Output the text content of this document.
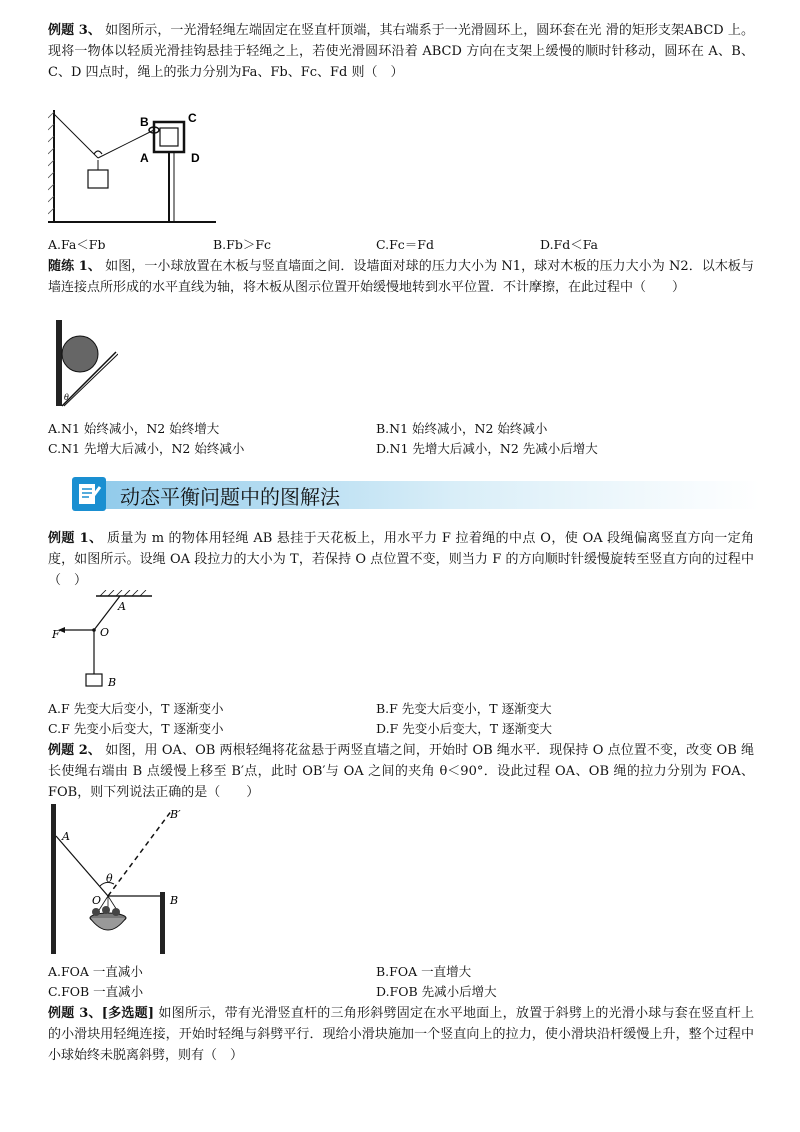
例题 3、 如图所示，一光滑轻绳左端固定在竖直杆顶端，其右端系于一光滑圆环上，圆环套在光 滑的矩形支架ABCD 上。现将一物体以轻质光滑挂钩悬挂于轻绳之上，若使光滑圆环沿着 ABCD 方向在支架上缓慢的顺时针移动，圆环在 A、B、C、D 四点时，绳上的张力分别为Fa、Fb、Fc、Fd 则（　）
A
B	C
D
A.Fa＜Fb	B.Fb＞Fc	C.Fc＝Fd	D.Fd＜Fa
随练 1、 如图，一小球放置在木板与竖直墙面之间．设墙面对球的压力大小为 N1，球对木板的压力大小为 N2．以木板与墙连接点所形成的水平直线为轴，将木板从图示位置开始缓慢地转到水平位置．不计摩擦，在此过程中（　　）
θ
A.N1 始终减小，N2 始终增大	B.N1 始终减小，N2 始终减小
C.N1 先增大后减小，N2 始终减小	D.N1 先增大后减小，N2 先减小后增大
动态平衡问题中的图解法
例题 1、 质量为 m 的物体用轻绳 AB 悬挂于天花板上，用水平力 F 拉着绳的中点 O，使 OA 段绳偏离竖直方向一定角度，如图所示。设绳 OA 段拉力的大小为 T，若保持 O 点位置不变，则当力 F 的方向顺时针缓慢旋转至竖直方向的过程中（　）
A
O
F
B
A.F 先变大后变小，T 逐渐变小	B.F 先变大后变小，T 逐渐变大
C.F 先变小后变大，T 逐渐变小	D.F 先变小后变大，T 逐渐变大
例题 2、 如图，用 OA、OB 两根轻绳将花盆悬于两竖直墙之间，开始时 OB 绳水平．现保持 O 点位置不变，改变 OB 绳长使绳右端由 B 点缓慢上移至 B′点，此时 OB′与 OA 之间的夹角 θ＜90°．设此过程 OA、OB 绳的拉力分别为 FOA、FOB，则下列说法正确的是（　　）
A
B′
θ
O	B
A.FOA 一直减小	B.FOA 一直增大
C.FOB 一直减小	D.FOB 先减小后增大
例题 3、[多选题] 如图所示，带有光滑竖直杆的三角形斜劈固定在水平地面上，放置于斜劈上的光滑小球与套在竖直杆上的小滑块用轻绳连接，开始时轻绳与斜劈平行．现给小滑块施加一个竖直向上的拉力，使小滑块沿杆缓慢上升，整个过程中小球始终未脱离斜劈，则有（　）
